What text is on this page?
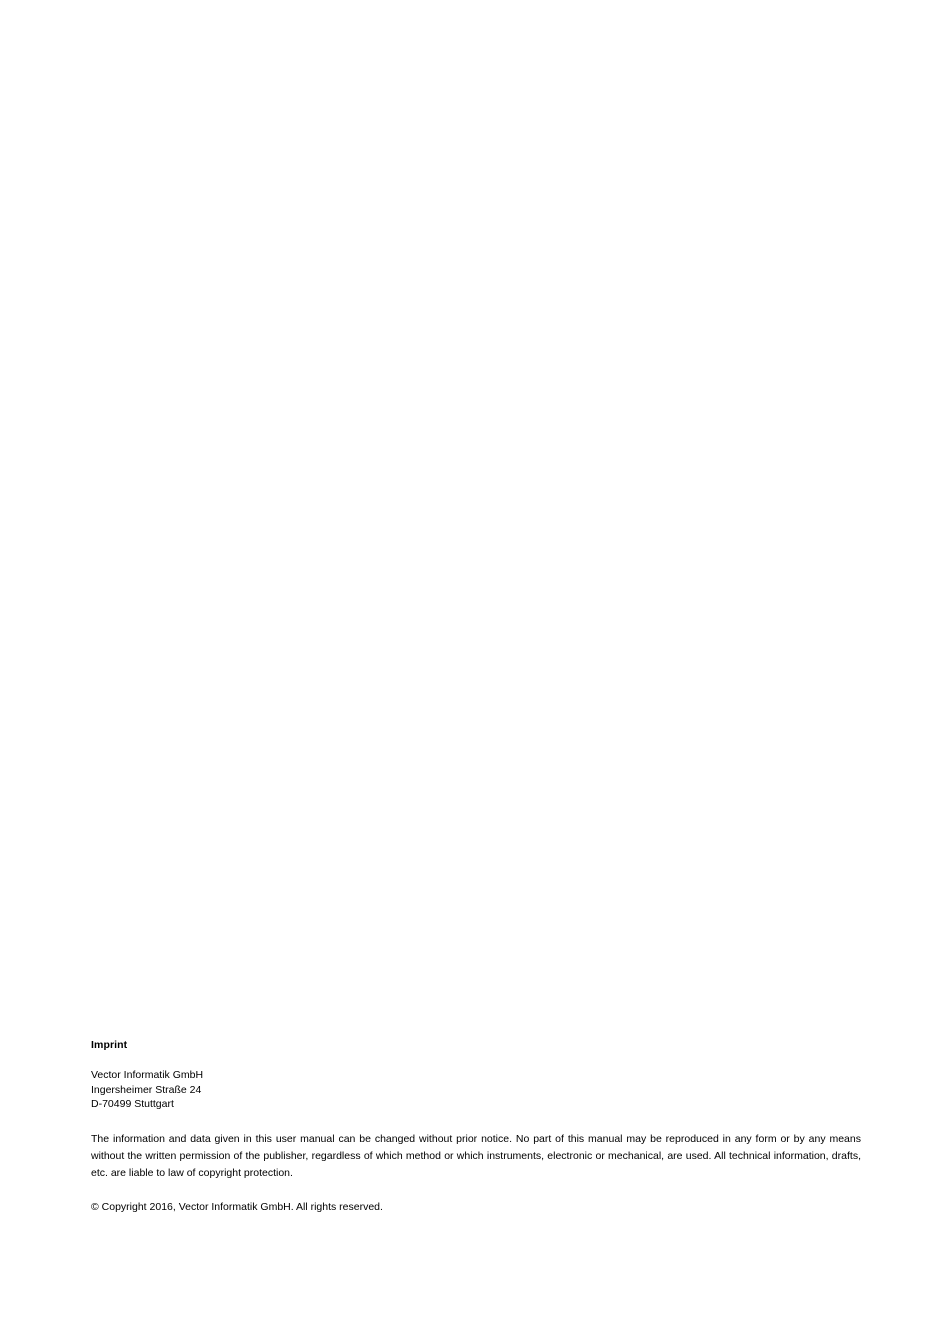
Imprint

Vector Informatik GmbH
Ingersheimer Straße 24
D-70499 Stuttgart

The information and data given in this user manual can be changed without prior notice. No part of this manual may be reproduced in any form or by any means without the written permission of the publisher, regardless of which method or which instruments, electronic or mechanical, are used. All technical information, drafts, etc. are liable to law of copyright protection.

© Copyright 2016, Vector Informatik GmbH. All rights reserved.
